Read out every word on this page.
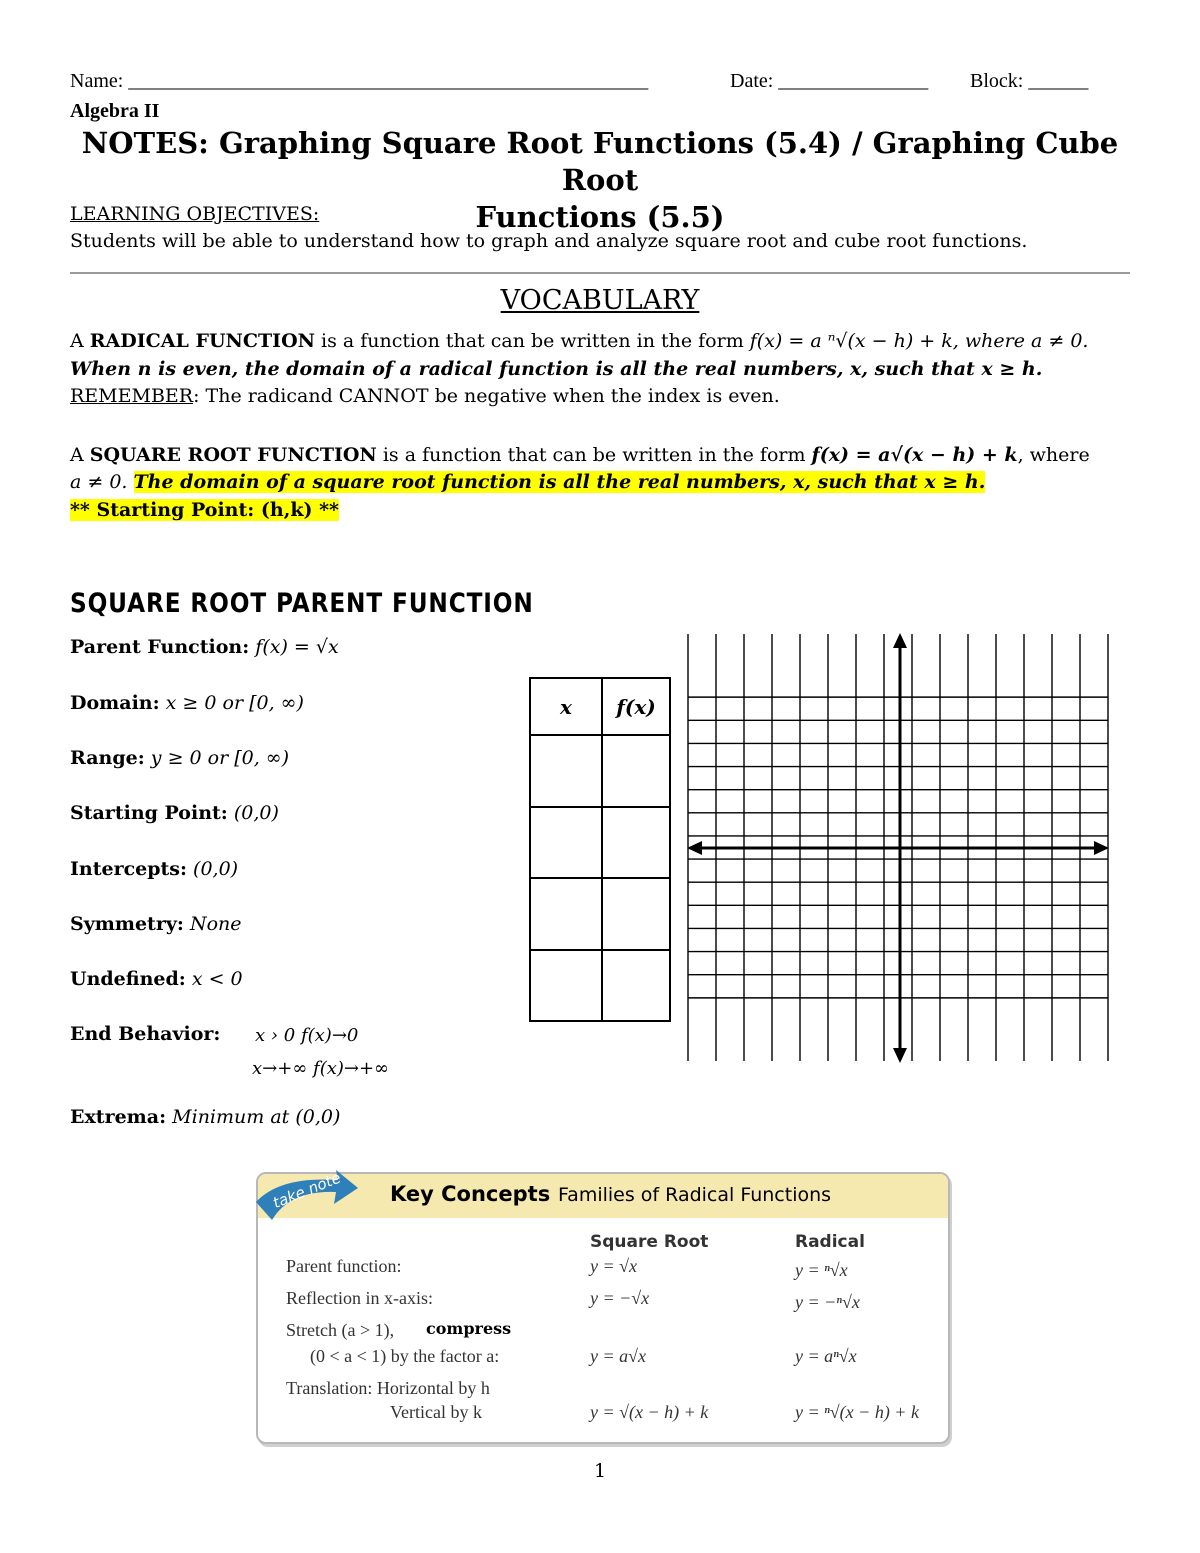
Name: ____________________________________________________	Date: _______________ Block: ______
Algebra II
NOTES: Graphing Square Root Functions (5.4) / Graphing Cube Root
Functions (5.5)
LEARNING OBJECTIVES:
Students will be able to understand how to graph and analyze square root and cube root functions.
VOCABULARY
A RADICAL FUNCTION is a function that can be written in the form f(x) = a ⁿ√(x − h) + k, where a ≠ 0.
When n is even, the domain of a radical function is all the real numbers, x, such that x ≥ h.
REMEMBER: The radicand CANNOT be negative when the index is even.
A SQUARE ROOT FUNCTION is a function that can be written in the form f(x) = a√(x − h) + k, where
a ≠ 0. The domain of a square root function is all the real numbers, x, such that x ≥ h.
** Starting Point: (h,k) **
SQUARE ROOT PARENT FUNCTION
Parent Function: f(x) = √x
Domain: x ≥ 0 or [0, ∞)
Range: y ≥ 0 or [0, ∞)
Starting Point: (0,0)
Intercepts: (0,0)
Symmetry: None
Undefined: x < 0
End Behavior:
Extrema: Minimum at (0,0)
x › 0 f(x)→0
x→+∞ f(x)→+∞
x	f(x)

take note Key Concepts Families of Radical Functions
Square Root	Radical
Parent function:	y = √x	y = ⁿ√x
Reflection in x-axis:	y = −√x	y = −ⁿ√x
Stretch (a > 1), compress
(0 < a < 1) by the factor a:	y = a√x	y = aⁿ√x
Translation: Horizontal by h
Vertical by k	y = √(x − h) + k	y = ⁿ√(x − h) + k
1
